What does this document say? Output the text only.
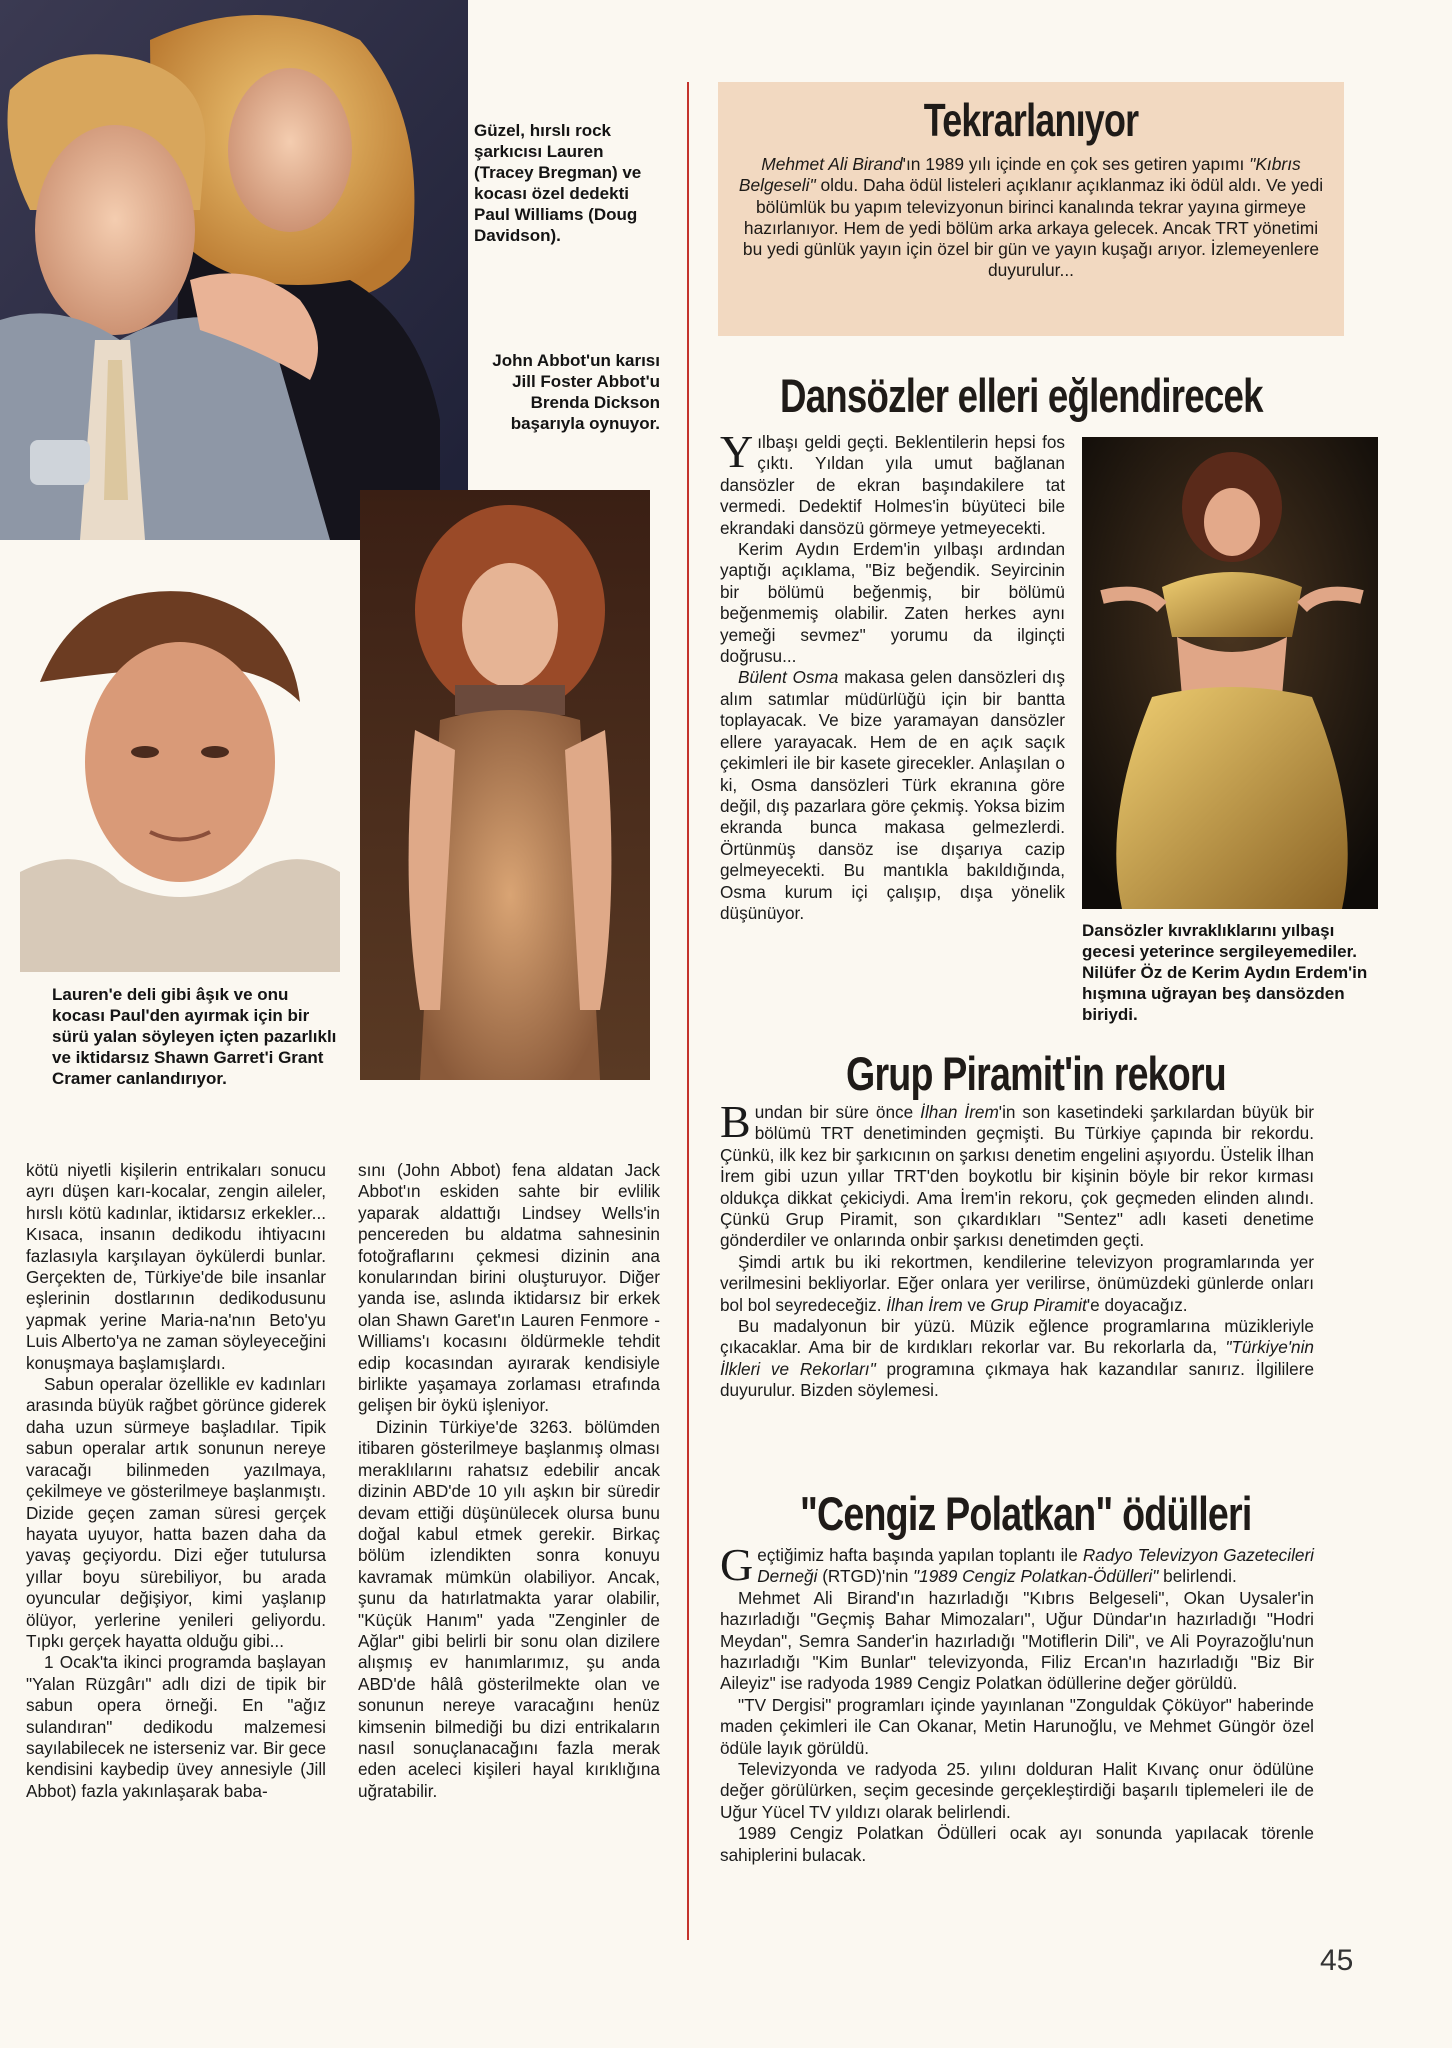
Güzel, hırslı rock şarkıcısı Lauren (Tracey Bregman) ve kocası özel dedekti Paul Williams (Doug Davidson).
John Abbot'un karısı Jill Foster Abbot'u Brenda Dickson başarıyla oynuyor.
Lauren'e deli gibi âşık ve onu kocası Paul'den ayırmak için bir sürü yalan söyleyen içten pazarlıklı ve iktidarsız Shawn Garret'i Grant Cramer canlandırıyor.
Dansözler kıvraklıklarını yılbaşı gecesi yeterince sergileyemediler. Nilüfer Öz de Kerim Aydın Erdem'in hışmına uğrayan beş dansözden biriydi.

kötü niyetli kişilerin entrikaları sonucu ayrı düşen karı-kocalar, zengin aileler, hırslı kötü kadınlar, iktidarsız erkekler... Kısaca, insanın dedikodu ihtiyacını fazlasıyla karşılayan öykülerdi bunlar. Gerçekten de, Türkiye'de bile insanlar eşlerinin dostlarının dedikodusunu yapmak yerine Maria-na'nın Beto'yu Luis Alberto'ya ne zaman söyleyeceğini konuşmaya başlamışlardı.

Sabun operalar özellikle ev kadınları arasında büyük rağbet görünce giderek daha uzun sürmeye başladılar. Tipik sabun operalar artık sonunun nereye varacağı bilinmeden yazılmaya, çekilmeye ve gösterilmeye başlanmıştı. Dizide geçen zaman süresi gerçek hayata uyuyor, hatta bazen daha da yavaş geçiyordu. Dizi eğer tutulursa yıllar boyu sürebiliyor, bu arada oyuncular değişiyor, kimi yaşlanıp ölüyor, yerlerine yenileri geliyordu. Tıpkı gerçek hayatta olduğu gibi...

1 Ocak'ta ikinci programda başlayan "Yalan Rüzgârı" adlı dizi de tipik bir sabun opera örneği. En "ağız sulandıran" dedikodu malzemesi sayılabilecek ne isterseniz var. Bir gece kendisini kaybedip üvey annesiyle (Jill Abbot) fazla yakınlaşarak baba-

sını (John Abbot) fena aldatan Jack Abbot'ın eskiden sahte bir evlilik yaparak aldattığı Lindsey Wells'in pencereden bu aldatma sahnesinin fotoğraflarını çekmesi dizinin ana konularından birini oluşturuyor. Diğer yanda ise, aslında iktidarsız bir erkek olan Shawn Garet'ın Lauren Fenmore - Williams'ı kocasını öldürmekle tehdit edip kocasından ayırarak kendisiyle birlikte yaşamaya zorlaması etrafında gelişen bir öykü işleniyor.

Dizinin Türkiye'de 3263. bölümden itibaren gösterilmeye başlanmış olması meraklılarını rahatsız edebilir ancak dizinin ABD'de 10 yılı aşkın bir süredir devam ettiği düşünülecek olursa bunu doğal kabul etmek gerekir. Birkaç bölüm izlendikten sonra konuyu kavramak mümkün olabiliyor. Ancak, şunu da hatırlatmakta yarar olabilir, "Küçük Hanım" yada "Zenginler de Ağlar" gibi belirli bir sonu olan dizilere alışmış ev hanımlarımız, şu anda ABD'de hâlâ gösterilmekte olan ve sonunun nereye varacağını henüz kimsenin bilmediği bu dizi entrikaların nasıl sonuçlanacağını fazla merak eden aceleci kişileri hayal kırıklığına uğratabilir.

Tekrarlanıyor
Mehmet Ali Birand'ın 1989 yılı içinde en çok ses getiren yapımı "Kıbrıs Belgeseli" oldu. Daha ödül listeleri açıklanır açıklanmaz iki ödül aldı. Ve yedi bölümlük bu yapım televizyonun birinci kanalında tekrar yayına girmeye hazırlanıyor. Hem de yedi bölüm arka arkaya gelecek. Ancak TRT yönetimi bu yedi günlük yayın için özel bir gün ve yayın kuşağı arıyor. İzlemeyenlere duyurulur...
Dansözler elleri eğlendirecek

Yılbaşı geldi geçti. Beklentilerin hepsi fos çıktı. Yıldan yıla umut bağlanan dansözler de ekran başındakilere tat vermedi. Dedektif Holmes'in büyüteci bile ekrandaki dansözü görmeye yetmeyecekti.

Kerim Aydın Erdem'in yılbaşı ardından yaptığı açıklama, "Biz beğendik. Seyircinin bir bölümü beğenmiş, bir bölümü beğenmemiş olabilir. Zaten herkes aynı yemeği sevmez" yorumu da ilginçti doğrusu...

Bülent Osma makasa gelen dansözleri dış alım satımlar müdürlüğü için bir bantta toplayacak. Ve bize yaramayan dansözler ellere yarayacak. Hem de en açık saçık çekimleri ile bir kasete girecekler. Anlaşılan o ki, Osma dansözleri Türk ekranına göre değil, dış pazarlara göre çekmiş. Yoksa bizim ekranda bunca makasa gelmezlerdi. Örtünmüş dansöz ise dışarıya cazip gelmeyecekti. Bu mantıkla bakıldığında, Osma kurum içi çalışıp, dışa yönelik düşünüyor.

Grup Piramit'in rekoru

Bundan bir süre önce İlhan İrem'in son kasetindeki şarkılardan büyük bir bölümü TRT denetiminden geçmişti. Bu Türkiye çapında bir rekordu. Çünkü, ilk kez bir şarkıcının on şarkısı denetim engelini aşıyordu. Üstelik İlhan İrem gibi uzun yıllar TRT'den boykotlu bir kişinin böyle bir rekor kırması oldukça dikkat çekiciydi. Ama İrem'in rekoru, çok geçmeden elinden alındı. Çünkü Grup Piramit, son çıkardıkları "Sentez" adlı kaseti denetime gönderdiler ve onlarında onbir şarkısı denetimden geçti.

Şimdi artık bu iki rekortmen, kendilerine televizyon programlarında yer verilmesini bekliyorlar. Eğer onlara yer verilirse, önümüzdeki günlerde onları bol bol seyredeceğiz. İlhan İrem ve Grup Piramit'e doyacağız.

Bu madalyonun bir yüzü. Müzik eğlence programlarına müzikleriyle çıkacaklar. Ama bir de kırdıkları rekorlar var. Bu rekorlarla da, "Türkiye'nin İlkleri ve Rekorları" programına çıkmaya hak kazandılar sanırız. İlgililere duyurulur. Bizden söylemesi.

"Cengiz Polatkan" ödülleri

Geçtiğimiz hafta başında yapılan toplantı ile Radyo Televizyon Gazetecileri Derneği (RTGD)'nin "1989 Cengiz Polatkan-Ödülleri" belirlendi.

Mehmet Ali Birand'ın hazırladığı "Kıbrıs Belgeseli", Okan Uysaler'in hazırladığı "Geçmiş Bahar Mimozaları", Uğur Dündar'ın hazırladığı "Hodri Meydan", Semra Sander'in hazırladığı "Motiflerin Dili", ve Ali Poyrazoğlu'nun hazırladığı "Kim Bunlar" televizyonda, Filiz Ercan'ın hazırladığı "Biz Bir Aileyiz" ise radyoda 1989 Cengiz Polatkan ödüllerine değer görüldü.

"TV Dergisi" programları içinde yayınlanan "Zonguldak Çöküyor" haberinde maden çekimleri ile Can Okanar, Metin Harunoğlu, ve Mehmet Güngör özel ödüle layık görüldü.

Televizyonda ve radyoda 25. yılını dolduran Halit Kıvanç onur ödülüne değer görülürken, seçim gecesinde gerçekleştirdiği başarılı tiplemeleri ile de Uğur Yücel TV yıldızı olarak belirlendi.

1989 Cengiz Polatkan Ödülleri ocak ayı sonunda yapılacak törenle sahiplerini bulacak.

45
